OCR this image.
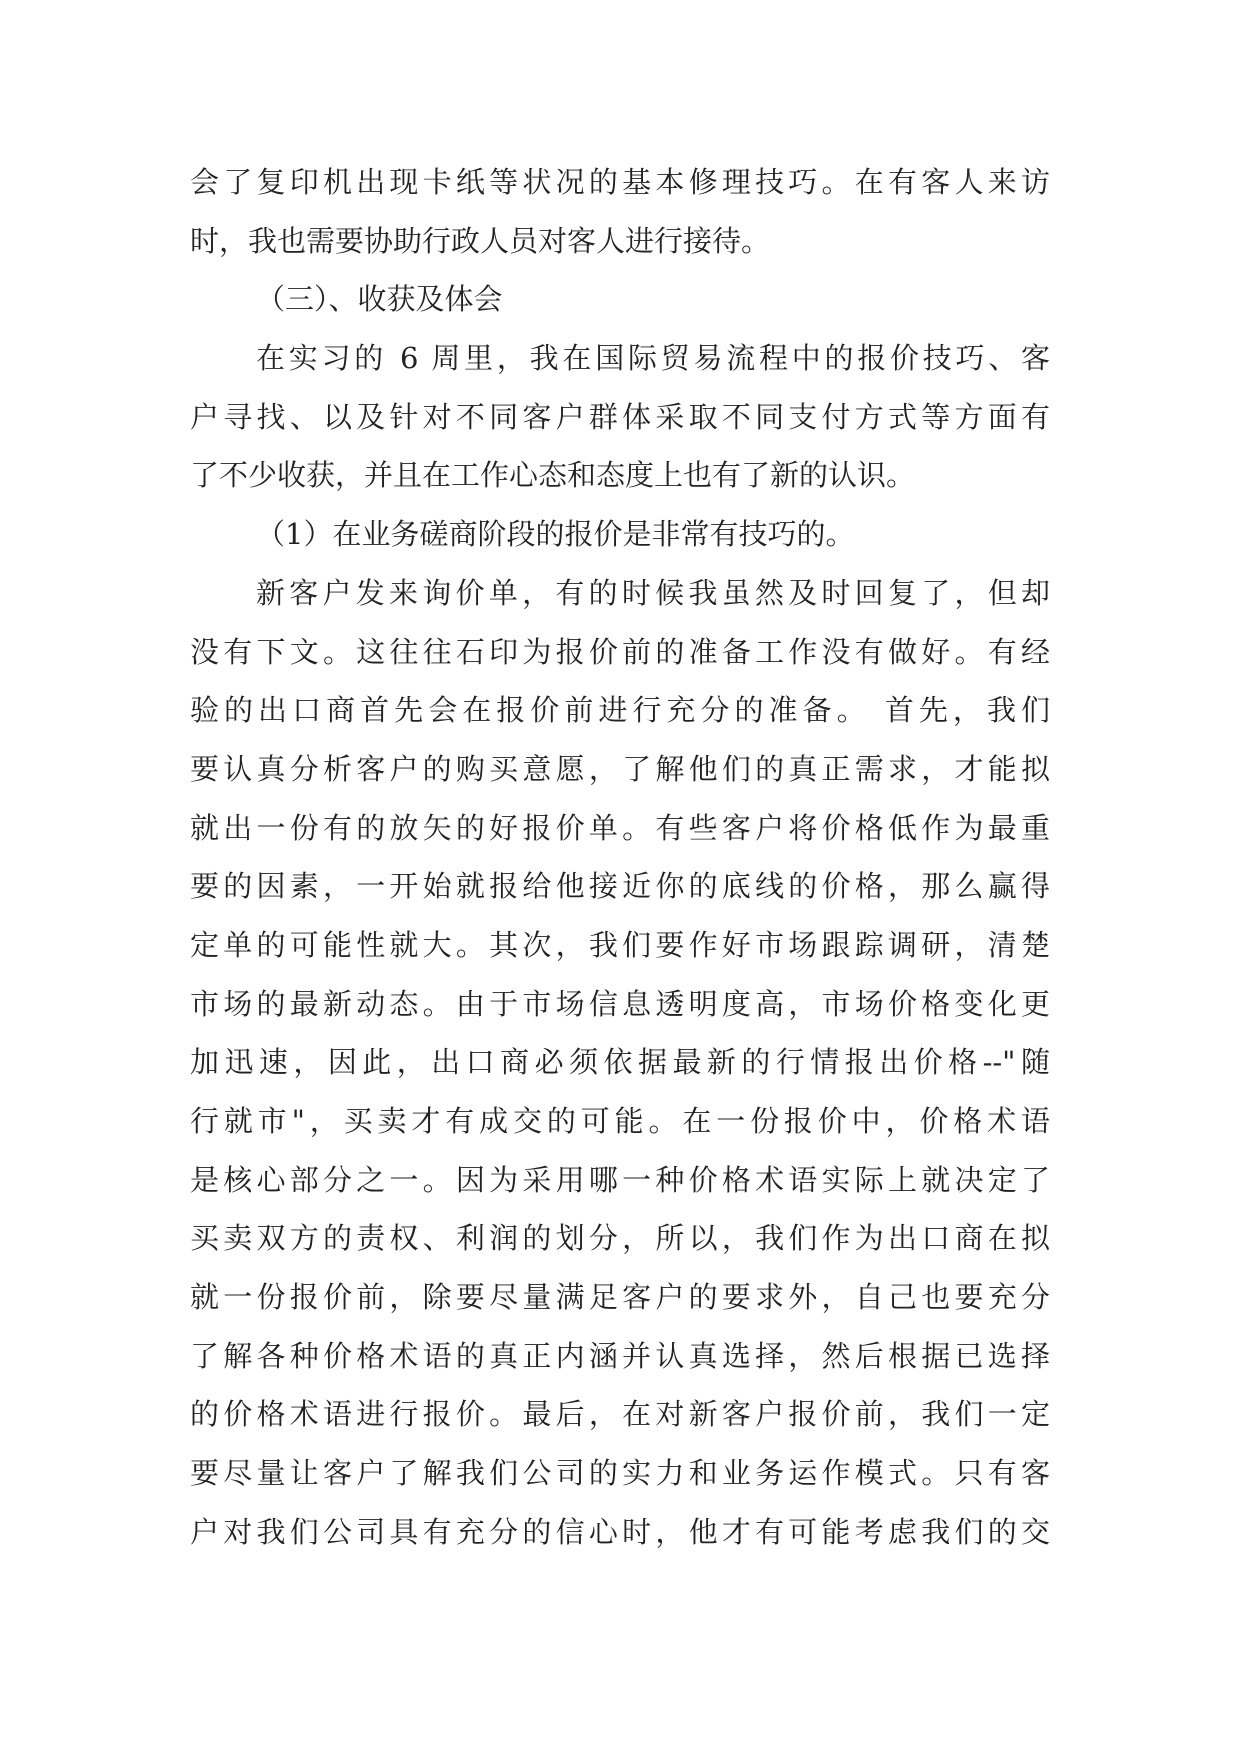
会了复印机出现卡纸等状况的基本修理技巧。在有客人来访
时，我也需要协助行政人员对客人进行接待。
（三）、收获及体会
在实习的 6 周里，我在国际贸易流程中的报价技巧、客
户寻找、以及针对不同客户群体采取不同支付方式等方面有
了不少收获，并且在工作心态和态度上也有了新的认识。
（1）在业务磋商阶段的报价是非常有技巧的。
新客户发来询价单，有的时候我虽然及时回复了，但却
没有下文。这往往石印为报价前的准备工作没有做好。有经
验的出口商首先会在报价前进行充分的准备。 首先，我们
要认真分析客户的购买意愿，了解他们的真正需求，才能拟
就出一份有的放矢的好报价单。有些客户将价格低作为最重
要的因素，一开始就报给他接近你的底线的价格，那么赢得
定单的可能性就大。其次，我们要作好市场跟踪调研，清楚
市场的最新动态。由于市场信息透明度高，市场价格变化更
加迅速，因此，出口商必须依据最新的行情报出价格--"随
行就市"，买卖才有成交的可能。在一份报价中，价格术语
是核心部分之一。因为采用哪一种价格术语实际上就决定了
买卖双方的责权、利润的划分，所以，我们作为出口商在拟
就一份报价前，除要尽量满足客户的要求外，自己也要充分
了解各种价格术语的真正内涵并认真选择，然后根据已选择
的价格术语进行报价。最后，在对新客户报价前，我们一定
要尽量让客户了解我们公司的实力和业务运作模式。只有客
户对我们公司具有充分的信心时，他才有可能考虑我们的交
